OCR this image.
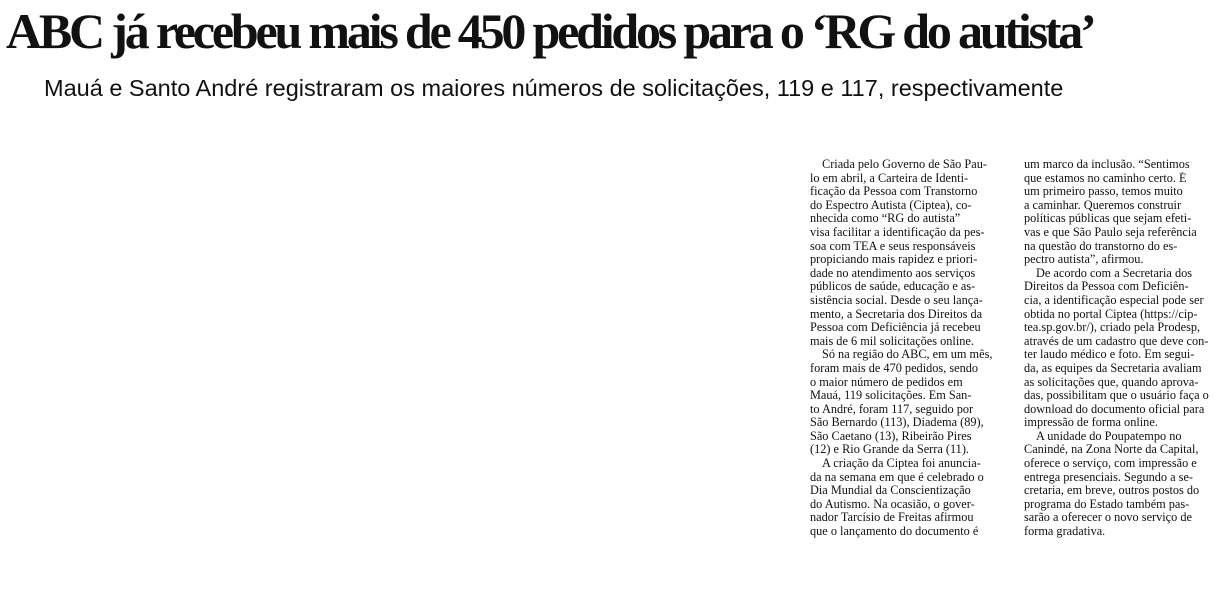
ABC já recebeu mais de 450 pedidos para o ‘RG do autista’

Mauá e Santo André registraram os maiores números de solicitações, 119 e 117, respectivamente

Criada pelo Governo de São Pau-
lo em abril, a Carteira de Identi-
ficação da Pessoa com Transtorno
do Espectro Autista (Ciptea), co-
nhecida como “RG do autista”
visa facilitar a identificação da pes-
soa com TEA e seus responsáveis
propiciando mais rapidez e priori-
dade no atendimento aos serviços
públicos de saúde, educação e as-
sistência social. Desde o seu lança-
mento, a Secretaria dos Direitos da
Pessoa com Deficiência já recebeu
mais de 6 mil solicitações online.
Só na região do ABC, em um mês,
foram mais de 470 pedidos, sendo
o maior número de pedidos em
Mauá, 119 solicitações. Em San-
to André, foram 117, seguido por
São Bernardo (113), Diadema (89),
São Caetano (13), Ribeirão Pires
(12) e Rio Grande da Serra (11).
A criação da Ciptea foi anuncia-
da na semana em que é celebrado o
Dia Mundial da Conscientização
do Autismo. Na ocasião, o gover-
nador Tarcísio de Freitas afirmou
que o lançamento do documento é
um marco da inclusão. “Sentimos
que estamos no caminho certo. É
um primeiro passo, temos muito
a caminhar. Queremos construir
políticas públicas que sejam efeti-
vas e que São Paulo seja referência
na questão do transtorno do es-
pectro autista”, afirmou.
De acordo com a Secretaria dos
Direitos da Pessoa com Deficiên-
cia, a identificação especial pode ser
obtida no portal Ciptea (https://cip-
tea.sp.gov.br/), criado pela Prodesp,
através de um cadastro que deve con-
ter laudo médico e foto. Em segui-
da, as equipes da Secretaria avaliam
as solicitações que, quando aprova-
das, possibilitam que o usuário faça o
download do documento oficial para
impressão de forma online.
A unidade do Poupatempo no
Canindé, na Zona Norte da Capital,
oferece o serviço, com impressão e
entrega presenciais. Segundo a se-
cretaria, em breve, outros postos do
programa do Estado também pas-
sarão a oferecer o novo serviço de
forma gradativa.
